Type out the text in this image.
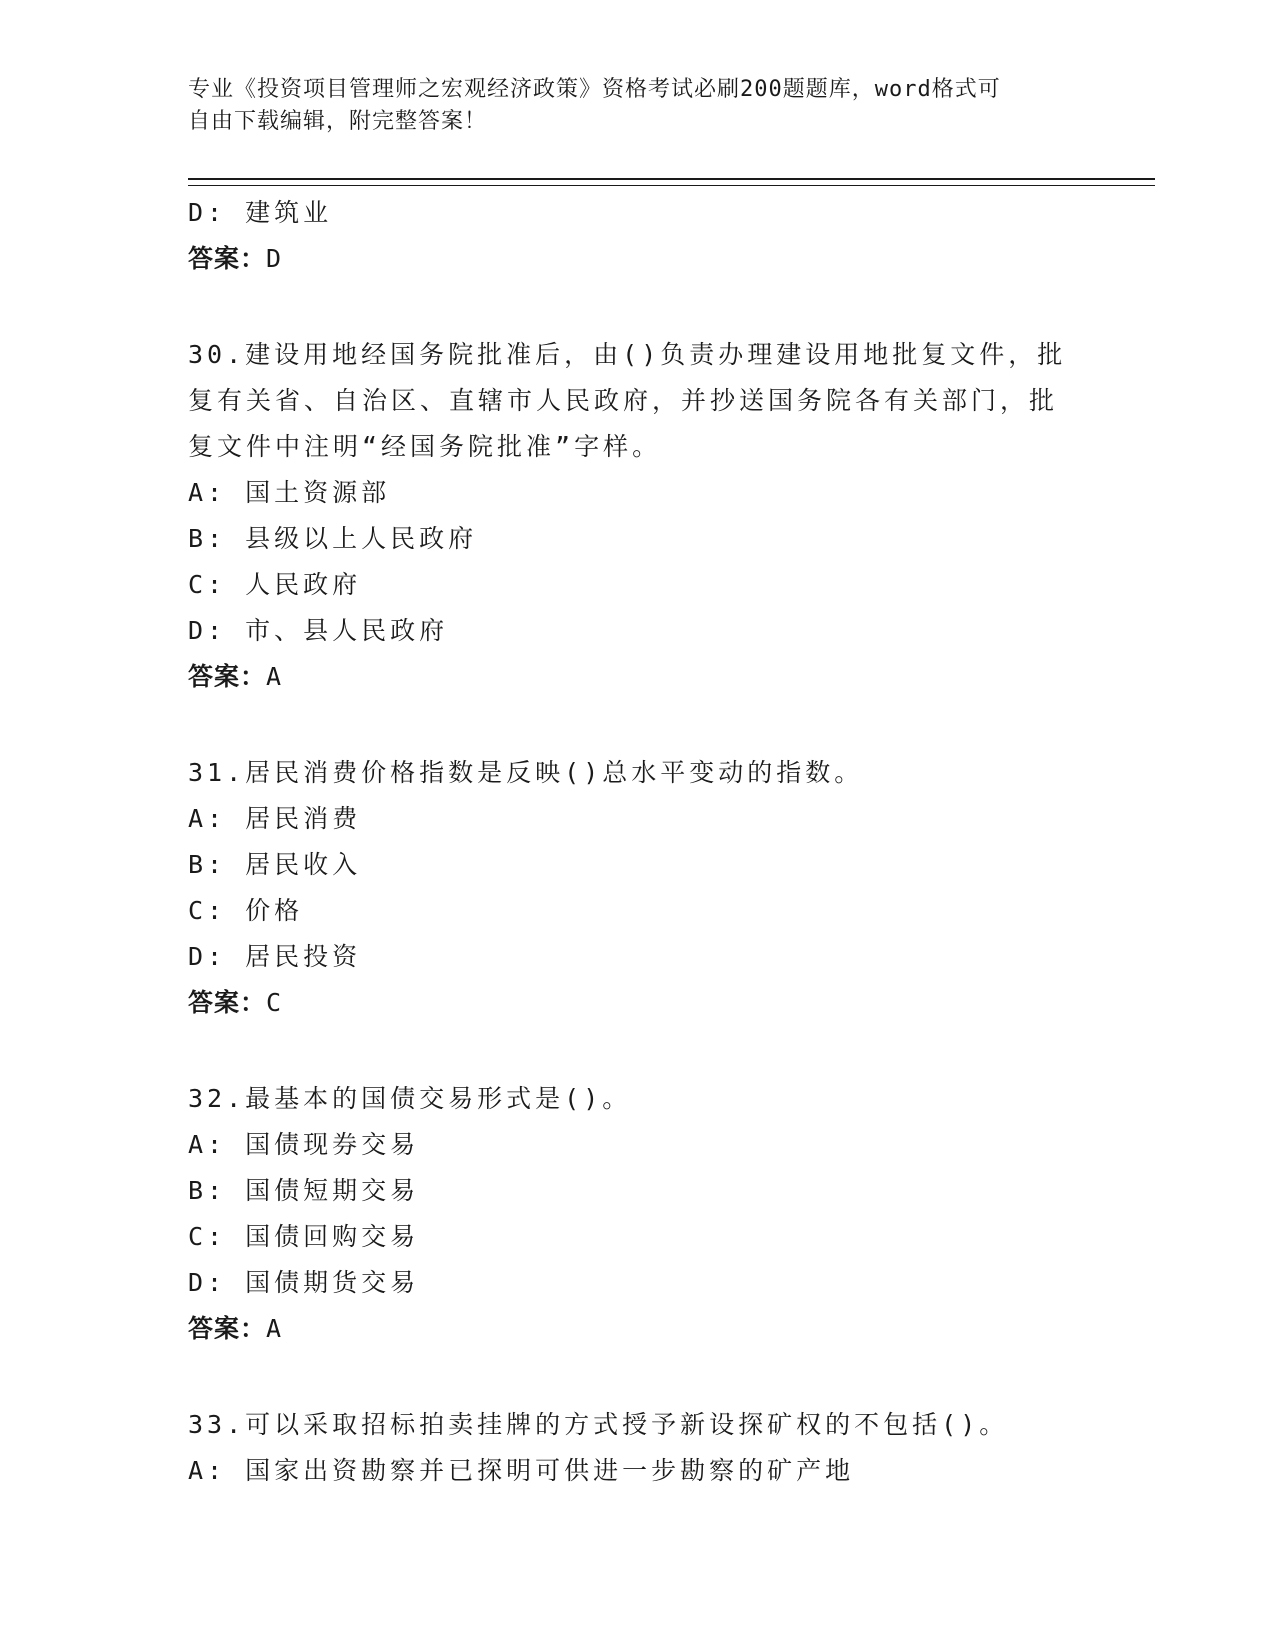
专业《投资项目管理师之宏观经济政策》资格考试必刷200题题库，word格式可
自由下载编辑，附完整答案！
D: 建筑业
答案：D
30.建设用地经国务院批准后，由()负责办理建设用地批复文件，批复有关省、自治区、直辖市人民政府，并抄送国务院各有关部门，批复文件中注明“经国务院批准”字样。
A: 国土资源部
B: 县级以上人民政府
C: 人民政府
D: 市、县人民政府
答案：A
31.居民消费价格指数是反映()总水平变动的指数。
A: 居民消费
B: 居民收入
C: 价格
D: 居民投资
答案：C
32.最基本的国债交易形式是()。
A: 国债现券交易
B: 国债短期交易
C: 国债回购交易
D: 国债期货交易
答案：A
33.可以采取招标拍卖挂牌的方式授予新设探矿权的不包括()。
A: 国家出资勘察并已探明可供进一步勘察的矿产地
